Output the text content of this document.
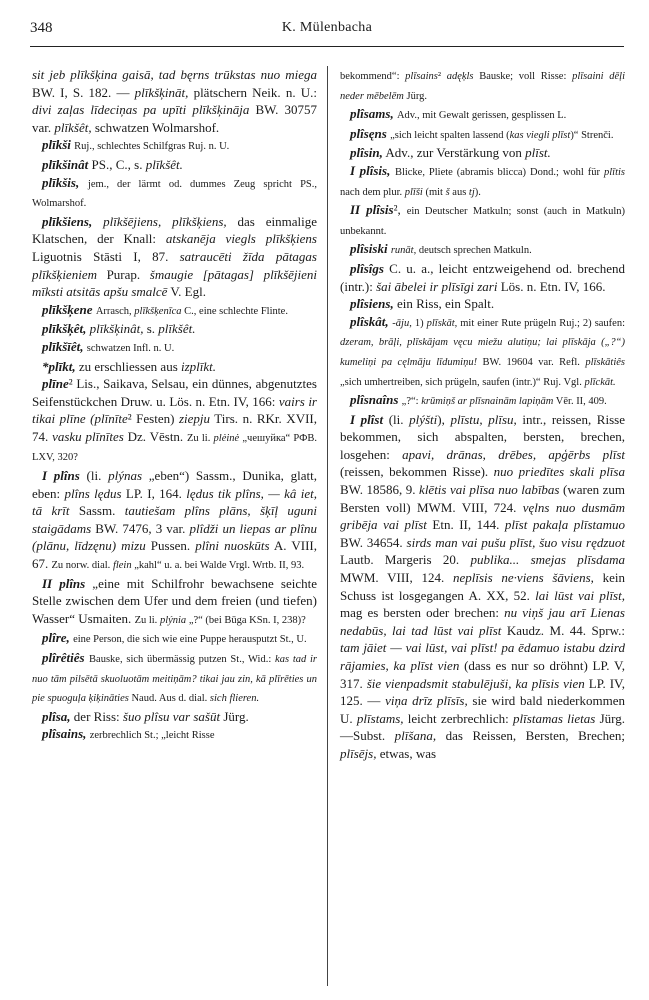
348	K. Mülenbacha

sit jeb plīkšķina gaisā, tad bęrns trūkstas nuo miega BW. I, S. 182. — plīkšķināt, plätschern Neik. n. U.: divi zaļas līdeciņas pa upīti plīkšķināja BW. 30757 var. plīkšêt, schwatzen Wolmarshof.

plīkši Ruj., schlechtes Schilfgras Ruj. n. U.

plīkšinât PS., C., s. plīkšêt.

plīkšis, jem., der lärmt od. dummes Zeug spricht PS., Wolmarshof.

plīkšiens, plīkšējiens, plīkšķiens, das einmalige Klatschen, der Knall: atskanēja viegls plīkšķiens Liguotnis Stāsti I, 87. satraucēti žīda pātagas plīkšķieniem Purap. šmaugie [pātagas] plīkšējieni mīksti atsitās apšu smalcē V. Egl.

plīkšķene Arrasch, plīkšķenīca C., eine schlechte Flinte.

plīkšķêt, plīkšķinât, s. plīkšêt.

plīkšīêt, schwatzen Infl. n. U.

*plīkt, zu erschliessen aus izplīkt.

plīne² Lis., Saikava, Selsau, ein dünnes, abgenutztes Seifenstückchen Druw. u. Lös. n. Etn. IV, 166: vairs ir tikai plīne (plīnīte² Festen) ziepju Tirs. n. RKr. XVII, 74. vasku plīnītes Dz. Vēstn. Zu li. plėinė „чешуйка“ РФВ. LXV, 320?

I plîns (li. plýnas „eben“) Sassm., Dunika, glatt, eben: plîns lędus LP. I, 164. lędus tik plîns, — kâ iet, tā krīt Sassm. tautiešam plîns plāns, šķīļ uguni staigādams BW. 7476, 3 var. plîdži un liepas ar plînu (plānu, līdzęnu) mizu Pussen. plîni nuoskūts A. VIII, 67. Zu norw. dial. flein „kahl“ u. a. bei Walde Vrgl. Wrtb. II, 93.

II plîns „eine mit Schilfrohr bewachsene seichte Stelle zwischen dem Ufer und dem freien (und tiefen) Wasser“ Usmaiten. Zu li. plýnia „?“ (bei Būga KSn. I, 238)?

plîre, eine Person, die sich wie eine Puppe herausputzt St., U.

plîrêtiês Bauske, sich übermässig putzen St., Wid.: kas tad ir nuo tām pilsētā skuoluotām meitiņām? tikai jau zin, kā plīrēties un pie spuoguļa ķiķināties Naud. Aus d. dial. sich flieren.

plîsa, der Riss: šuo plîsu var sašūt Jürg.

plîsains, zerbrechlich St.; „leicht Risse

bekommend“: plīsains² adęķls Bauske; voll Risse: plīsaini dēļi neder mēbelēm Jürg.

plîsams, Adv., mit Gewalt gerissen, gesplissen L.

plîsęns „sich leicht spalten lassend (kas viegli plīst)“ Strenči.

plîsin, Adv., zur Verstärkung von plīst.

I plîsis, Blicke, Pliete (abramis blicca) Dond.; wohl für plītis nach dem plur. plīši (mit š aus tj).

II plîsis², ein Deutscher Matkuln; sonst (auch in Matkuln) unbekannt.

plîsiski runāt, deutsch sprechen Matkuln.

plîsîgs C. u. a., leicht entzweigehend od. brechend (intr.): šai ābelei ir plīsīgi zari Lös. n. Etn. IV, 166.

plîsiens, ein Riss, ein Spalt.

plîskât, -āju, 1) plīskāt, mit einer Rute prügeln Ruj.; 2) saufen: dzeram, brāļi, plīskājam vęcu miežu alutiņu; lai plīskāja („?“) kumeliņi pa cęlmāju līdumiņu! BW. 19604 var. Refl. plīskātiês „sich umhertreiben, sich prügeln, saufen (intr.)“ Ruj. Vgl. plīckāt.

plîsnaîns „?“: krūmiņš ar plīsnainām lapiņām Vēr. II, 409.

I plîst (li. plýšti), plīstu, plīsu, intr., reissen, Risse bekommen, sich abspalten, bersten, brechen, losgehen: apavi, drānas, drēbes, apģērbs plīst (reissen, bekommen Risse). nuo priedītes skali plīsa BW. 18586, 9. klētis vai plīsa nuo labības (waren zum Bersten voll) MWM. VIII, 724. vęlns nuo dusmām gribēja vai plīst Etn. II, 144. plīst pakaļa plīstamuo BW. 34654. sirds man vai pušu plīst, šuo visu rędzuot Lautb. Margeris 20. publika... smejas plīsdama MWM. VIII, 124. neplīsis ne·viens šāviens, kein Schuss ist losgegangen A. XX, 52. lai lūst vai plīst, mag es bersten oder brechen: nu viņš jau arī Lienas nedabūs, lai tad lūst vai plīst Kaudz. M. 44. Sprw.: tam jāiet — vai lūst, vai plīst! pa ēdamuo istabu dzird rājamies, ka plīst vien (dass es nur so dröhnt) LP. V, 317. šie vienpadsmit stabulējuši, ka plīsis vien LP. IV, 125. — viņa drīz plīsīs, sie wird bald niederkommen U. plīstams, leicht zerbrechlich: plīstamas lietas Jürg.—Subst. plīšana, das Reissen, Bersten, Brechen; plīsējs, etwas, was
